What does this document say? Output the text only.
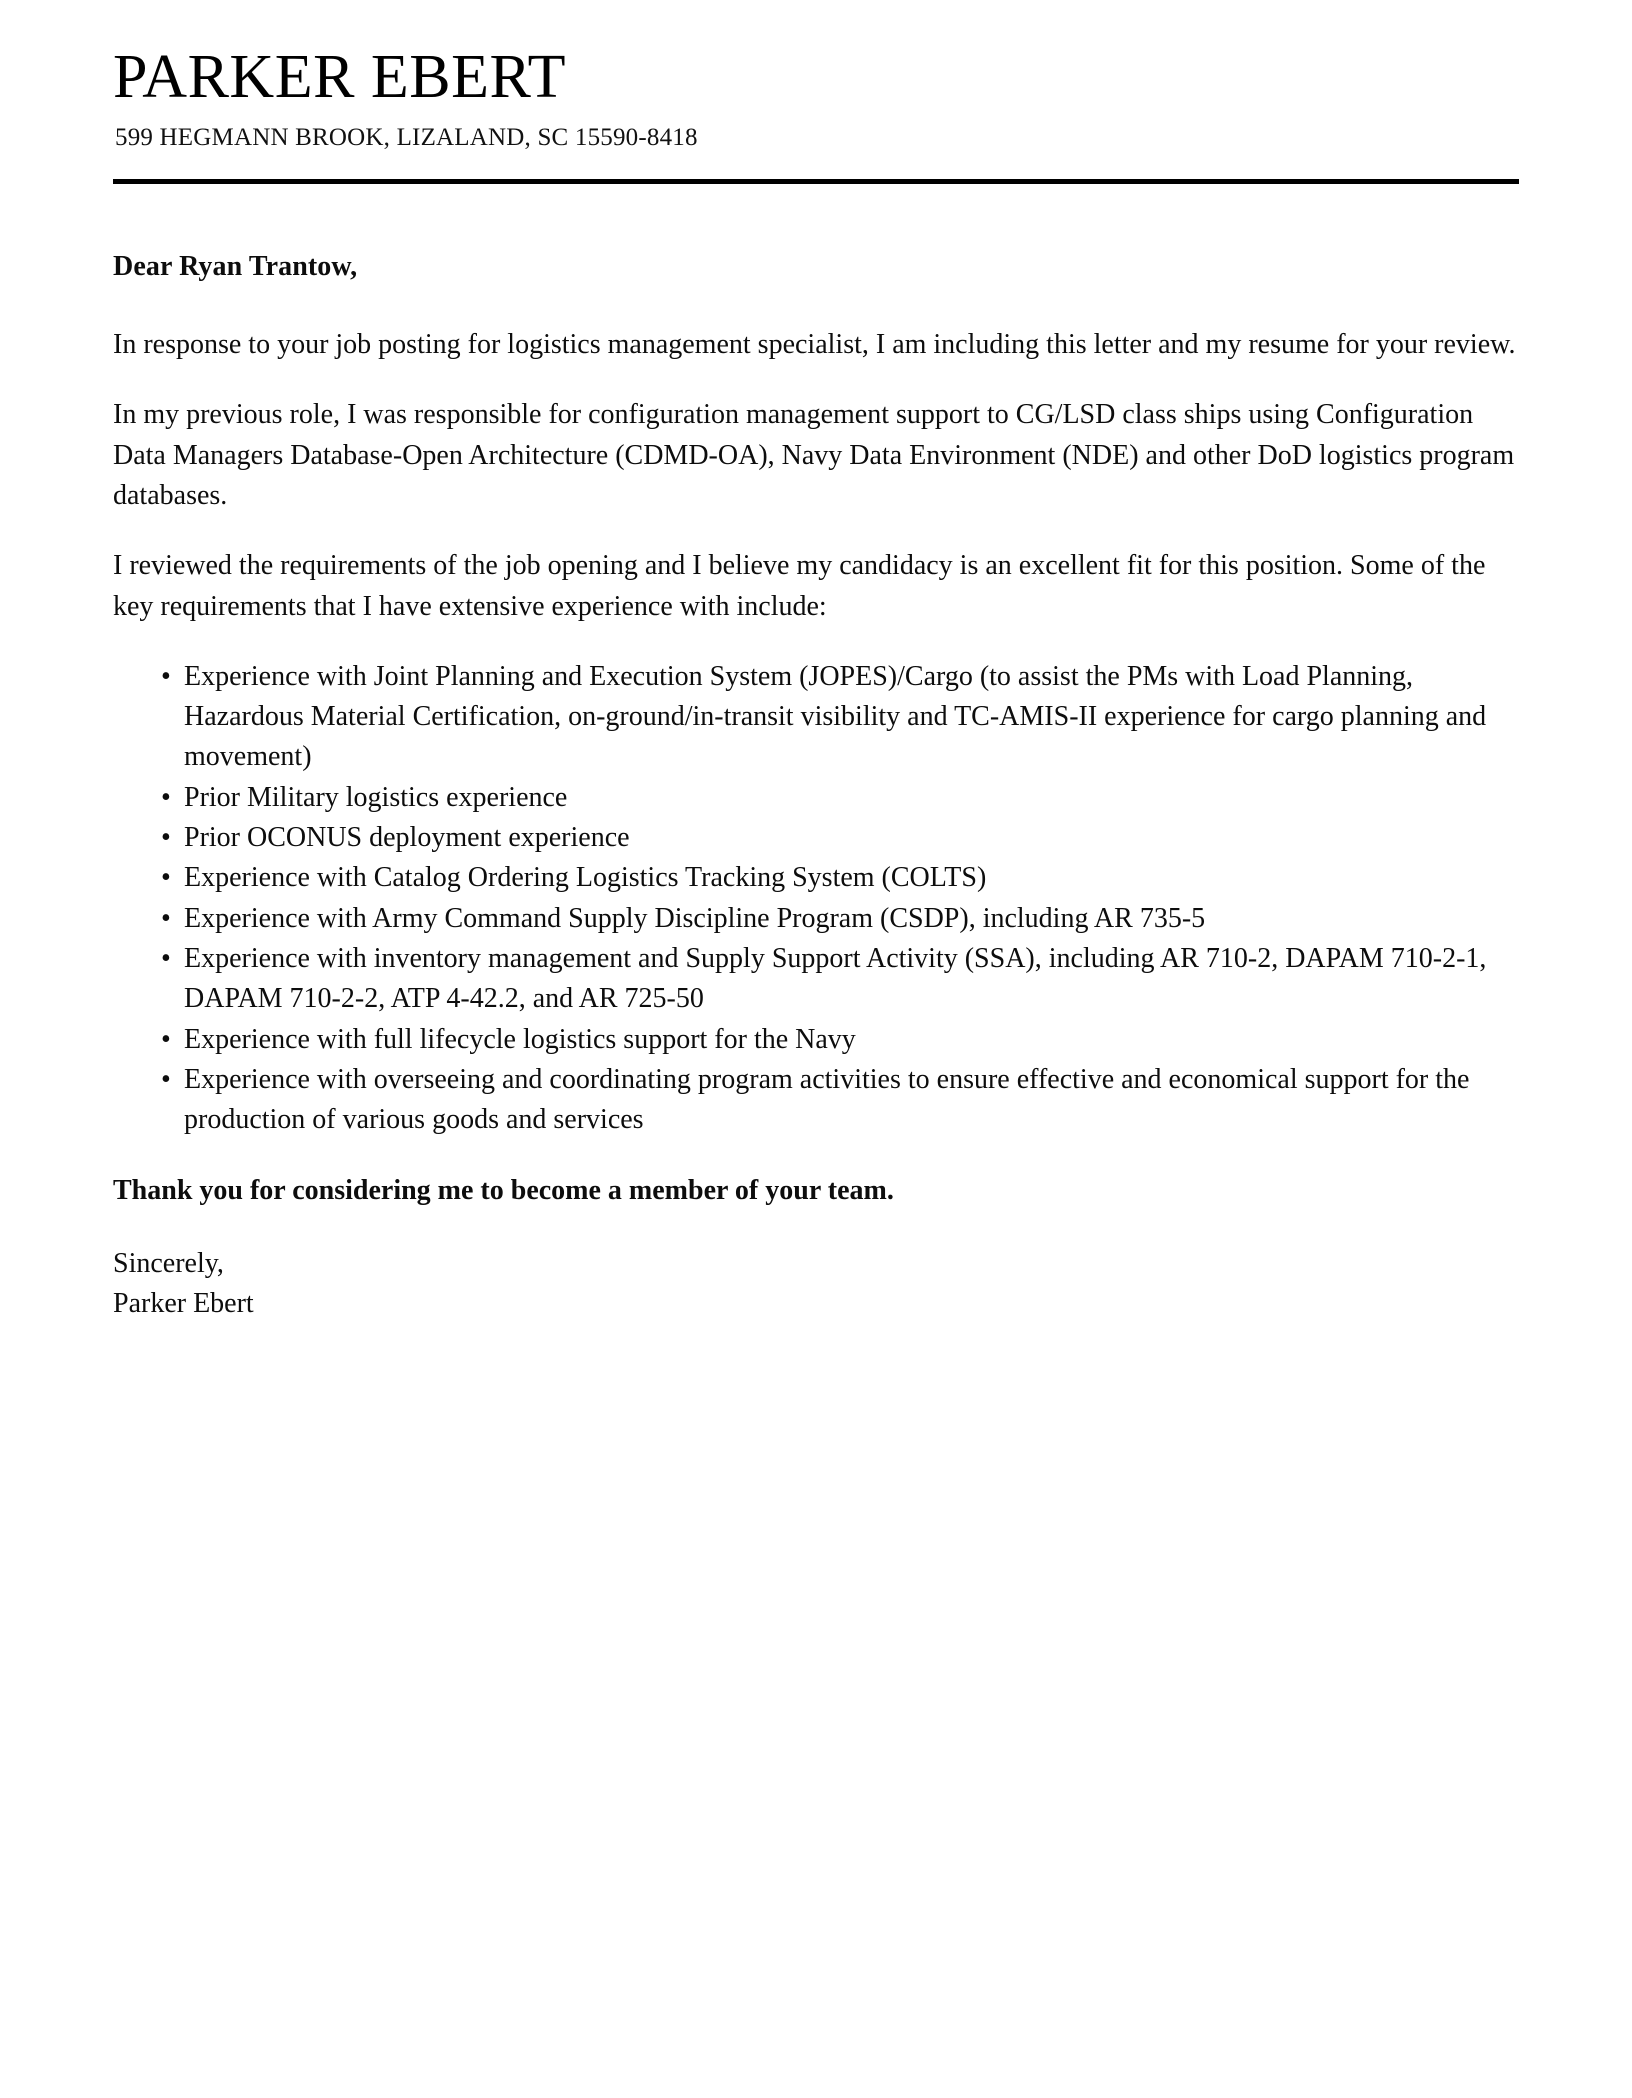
PARKER EBERT
599 HEGMANN BROOK, LIZALAND, SC 15590-8418
Dear Ryan Trantow,

In response to your job posting for logistics management specialist, I am including this letter and my resume for your review.

In my previous role, I was responsible for configuration management support to CG/LSD class ships using Configuration Data Managers Database-Open Architecture (CDMD-OA), Navy Data Environment (NDE) and other DoD logistics program databases.

I reviewed the requirements of the job opening and I believe my candidacy is an excellent fit for this position. Some of the key requirements that I have extensive experience with include:

• Experience with Joint Planning and Execution System (JOPES)/Cargo (to assist the PMs with Load Planning, Hazardous Material Certification, on-ground/in-transit visibility and TC-AMIS-II experience for cargo planning and movement)
• Prior Military logistics experience
• Prior OCONUS deployment experience
• Experience with Catalog Ordering Logistics Tracking System (COLTS)
• Experience with Army Command Supply Discipline Program (CSDP), including AR 735-5
• Experience with inventory management and Supply Support Activity (SSA), including AR 710-2, DAPAM 710-2-1, DAPAM 710-2-2, ATP 4-42.2, and AR 725-50
• Experience with full lifecycle logistics support for the Navy
• Experience with overseeing and coordinating program activities to ensure effective and economical support for the production of various goods and services
Thank you for considering me to become a member of your team.
Sincerely,
Parker Ebert
